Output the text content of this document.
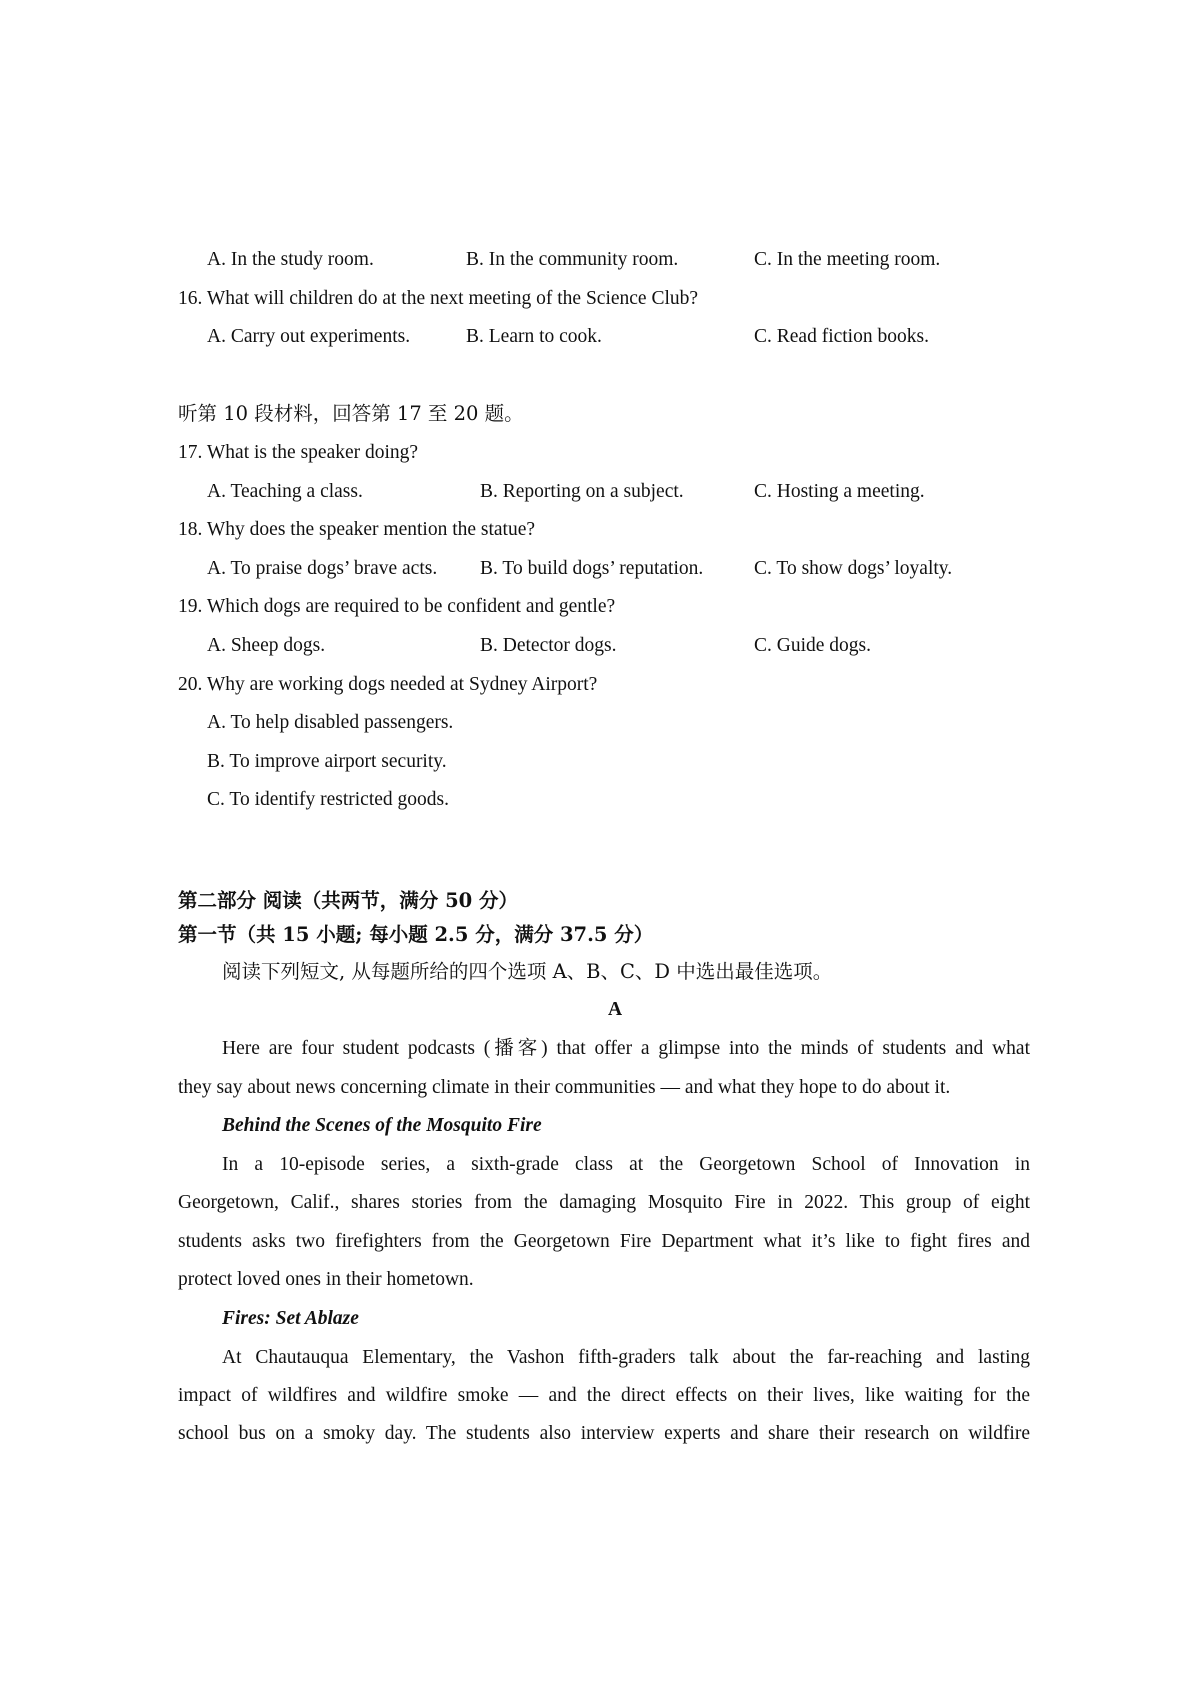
A. In the study room.	B. In the community room.	C. In the meeting room.
16. What will children do at the next meeting of the Science Club?
A. Carry out experiments.	B. Learn to cook.	C. Read fiction books.
听第 10 段材料，回答第 17 至 20 题。
17. What is the speaker doing?
A. Teaching a class.	B. Reporting on a subject.	C. Hosting a meeting.
18. Why does the speaker mention the statue?
A. To praise dogs’ brave acts. B. To build dogs’ reputation.	C. To show dogs’ loyalty.
19. Which dogs are required to be confident and gentle?
A. Sheep dogs.	B. Detector dogs.	C. Guide dogs.
20. Why are working dogs needed at Sydney Airport?
A. To help disabled passengers.
B. To improve airport security.
C. To identify restricted goods.
第二部分 阅读（共两节，满分 50 分）
第一节（共 15 小题; 每小题 2.5 分，满分 37.5 分）
阅读下列短文, 从每题所给的四个选项 A、B、C、D 中选出最佳选项。
A
Here are four student podcasts (播客) that offer a glimpse into the minds of students and what
they say about news concerning climate in their communities — and what they hope to do about it.
Behind the Scenes of the Mosquito Fire
In a 10-episode series, a sixth-grade class at the Georgetown School of Innovation in
Georgetown, Calif., shares stories from the damaging Mosquito Fire in 2022. This group of eight
students asks two firefighters from the Georgetown Fire Department what it’s like to fight fires and
protect loved ones in their hometown.
Fires: Set Ablaze
At Chautauqua Elementary, the Vashon fifth-graders talk about the far-reaching and lasting
impact of wildfires and wildfire smoke — and the direct effects on their lives, like waiting for the
school bus on a smoky day. The students also interview experts and share their research on wildfire
